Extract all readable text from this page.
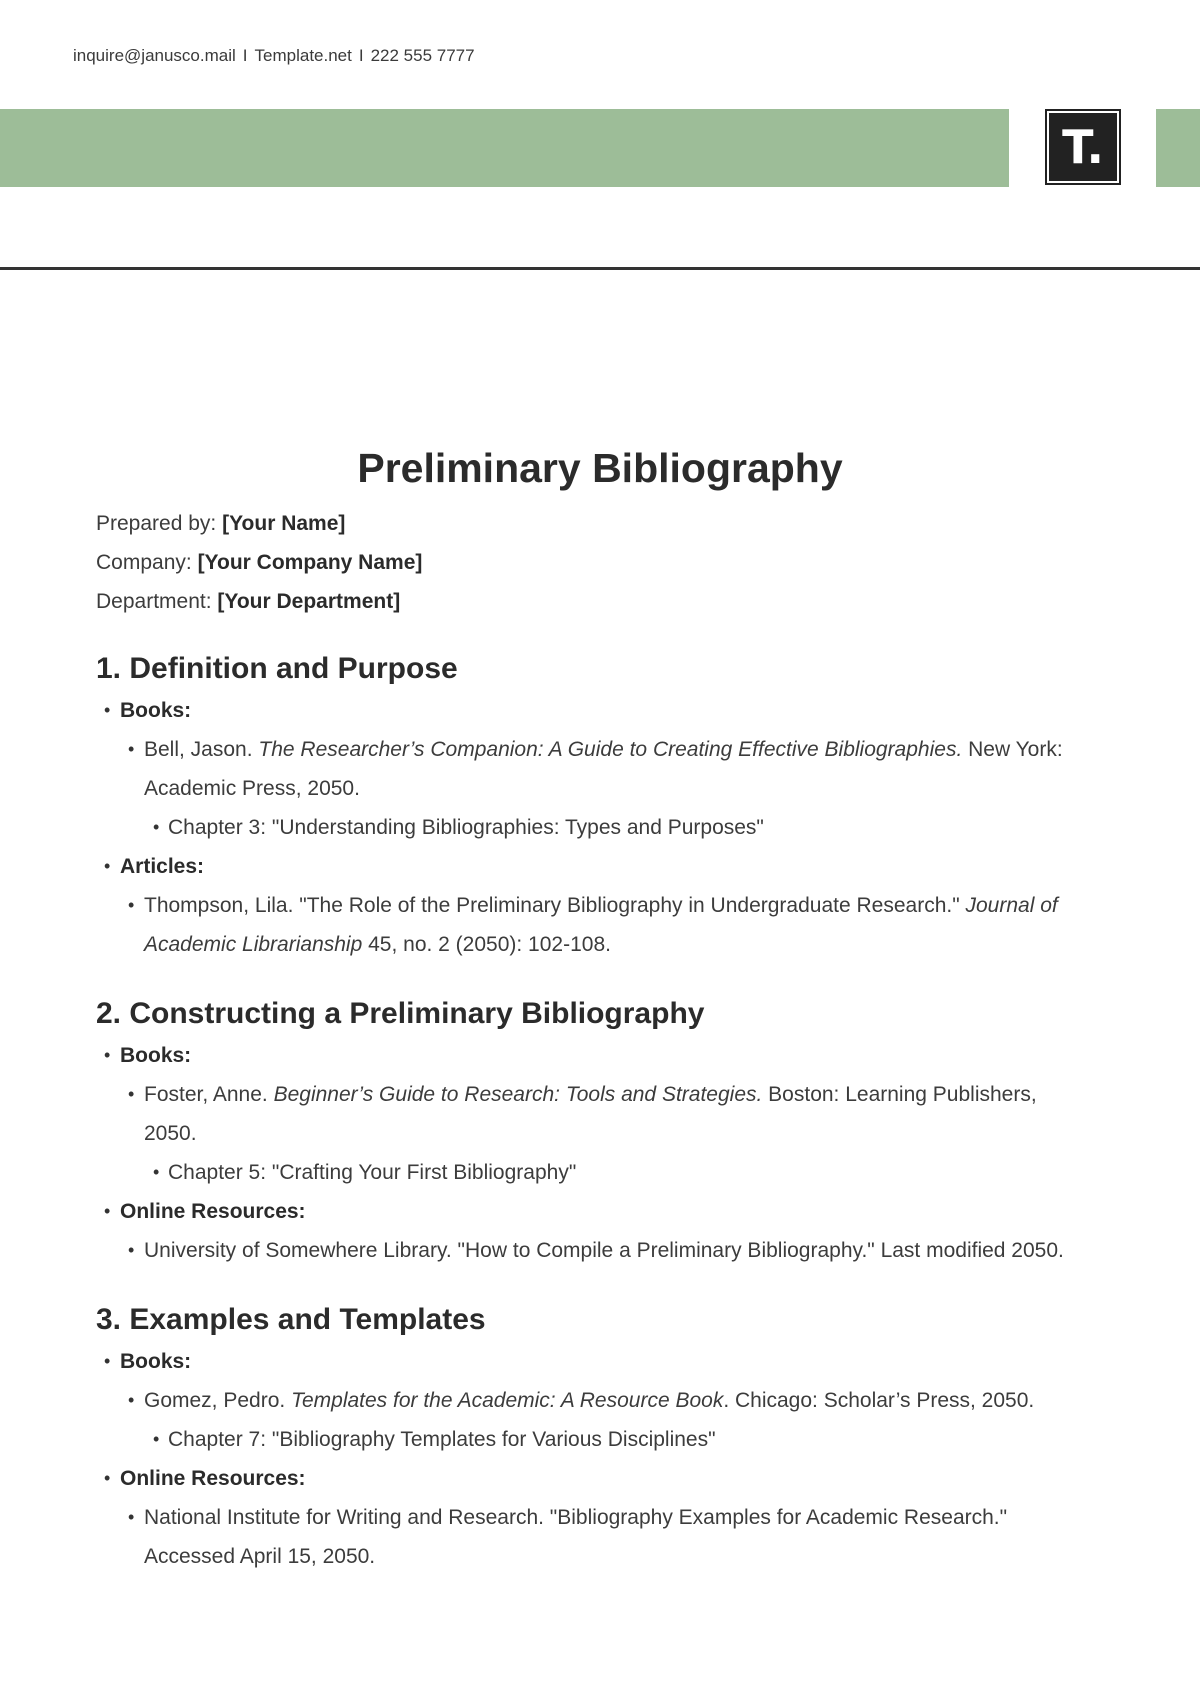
inquire@janusco.mail I Template.net I 222 555 7777
T.
Preliminary Bibliography
Prepared by: [Your Name]
Company: [Your Company Name]
Department: [Your Department]
1. Definition and Purpose
• Books:
• Bell, Jason. The Researcher’s Companion: A Guide to Creating Effective Bibliographies. New York: Academic Press, 2050.
• Chapter 3: "Understanding Bibliographies: Types and Purposes"
• Articles:
• Thompson, Lila. "The Role of the Preliminary Bibliography in Undergraduate Research." Journal of Academic Librarianship 45, no. 2 (2050): 102-108.
2. Constructing a Preliminary Bibliography
• Books:
• Foster, Anne. Beginner’s Guide to Research: Tools and Strategies. Boston: Learning Publishers, 2050.
• Chapter 5: "Crafting Your First Bibliography"
• Online Resources:
• University of Somewhere Library. "How to Compile a Preliminary Bibliography." Last modified 2050.
3. Examples and Templates
• Books:
• Gomez, Pedro. Templates for the Academic: A Resource Book. Chicago: Scholar’s Press, 2050.
• Chapter 7: "Bibliography Templates for Various Disciplines"
• Online Resources:
• National Institute for Writing and Research. "Bibliography Examples for Academic Research." Accessed April 15, 2050.
